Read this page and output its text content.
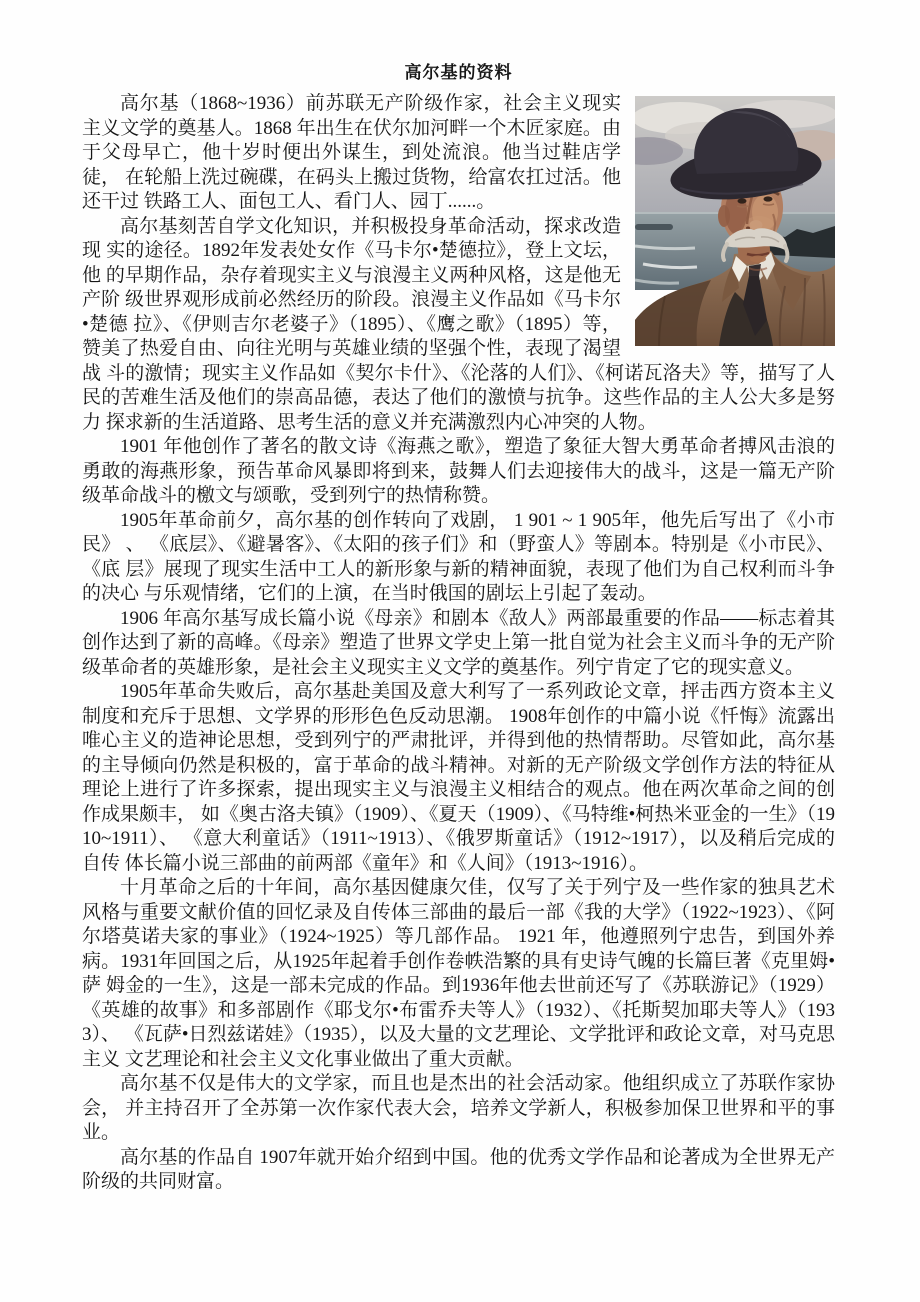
高尔基的资料

高尔基（1868~1936）前苏联无产阶级作家，社会主义现实主义文学的奠基人。1868 年出生在伏尔加河畔一个木匠家庭。由于父母早亡，他十岁时便出外谋生，到处流浪。他当过鞋店学徒， 在轮船上洗过碗碟，在码头上搬过货物，给富农扛过活。他还干过 铁路工人、面包工人、看门人、园丁......。

高尔基刻苦自学文化知识，并积极投身革命活动，探求改造现 实的途径。1892年发表处女作《马卡尔•楚德拉》，登上文坛，他 的早期作品，杂存着现实主义与浪漫主义两种风格，这是他无产阶 级世界观形成前必然经历的阶段。浪漫主义作品如《马卡尔•楚德 拉》、《伊则吉尔老婆子》（1895）、《鹰之歌》（1895）等， 赞美了热爱自由、向往光明与英雄业绩的坚强个性，表现了渴望战 斗的激情；现实主义作品如《契尔卡什》、《沦落的人们》、《柯诺瓦洛夫》等，描写了人 民的苦难生活及他们的崇高品德，表达了他们的激愤与抗争。这些作品的主人公大多是努力 探求新的生活道路、思考生活的意义并充满激烈内心冲突的人物。

1901 年他创作了著名的散文诗《海燕之歌》，塑造了象征大智大勇革命者搏风击浪的勇敢的海燕形象，预告革命风暴即将到来，鼓舞人们去迎接伟大的战斗，这是一篇无产阶级革命战斗的檄文与颂歌，受到列宁的热情称赞。

1905年革命前夕，高尔基的创作转向了戏剧， 1 901 ~ 1 905年，他先后写出了《小市民》 、 《底层》、《避暑客》、《太阳的孩子们》和（野蛮人》等剧本。特别是《小市民》、《底 层》展现了现实生活中工人的新形象与新的精神面貌，表现了他们为自己权利而斗争的决心 与乐观情绪，它们的上演，在当时俄国的剧坛上引起了轰动。

1906 年高尔基写成长篇小说《母亲》和剧本《敌人》两部最重要的作品——标志着其创作达到了新的高峰。《母亲》塑造了世界文学史上第一批自觉为社会主义而斗争的无产阶级革命者的英雄形象，是社会主义现实主义文学的奠基作。列宁肯定了它的现实意义。

1905年革命失败后，高尔基赴美国及意大利写了一系列政论文章，抨击西方资本主义制度和充斥于思想、文学界的形形色色反动思潮。 1908年创作的中篇小说《忏悔》流露出唯心主义的造神论思想，受到列宁的严肃批评，并得到他的热情帮助。尽管如此，高尔基的主导倾向仍然是积极的，富于革命的战斗精神。对新的无产阶级文学创作方法的特征从理论上进行了许多探索，提出现实主义与浪漫主义相结合的观点。他在两次革命之间的创作成果颇丰， 如《奥古洛夫镇》（1909）、《夏天（1909）、《马特维•柯热米亚金的一生》（1910~1911）、 《意大利童话》（1911~1913）、《俄罗斯童话》（1912~1917），以及稍后完成的自传 体长篇小说三部曲的前两部《童年》和《人间》（1913~1916）。

十月革命之后的十年间，高尔基因健康欠佳，仅写了关于列宁及一些作家的独具艺术风格与重要文献价值的回忆录及自传体三部曲的最后一部《我的大学》（1922~1923）、《阿尔塔莫诺夫家的事业》（1924~1925）等几部作品。 1921 年，他遵照列宁忠告，到国外养病。1931年回国之后，从1925年起着手创作卷帙浩繁的具有史诗气魄的长篇巨著《克里姆•萨 姆金的一生》，这是一部未完成的作品。到1936年他去世前还写了《苏联游记》（1929） 《英雄的故事》和多部剧作《耶戈尔•布雷乔夫等人》（1932）、《托斯契加耶夫等人》（1933）、 《瓦萨•日烈兹诺娃》（1935），以及大量的文艺理论、文学批评和政论文章，对马克思主义 文艺理论和社会主义文化事业做出了重大贡献。

高尔基不仅是伟大的文学家，而且也是杰出的社会活动家。他组织成立了苏联作家协会， 并主持召开了全苏第一次作家代表大会，培养文学新人，积极参加保卫世界和平的事业。

高尔基的作品自 1907年就开始介绍到中国。他的优秀文学作品和论著成为全世界无产阶级的共同财富。
